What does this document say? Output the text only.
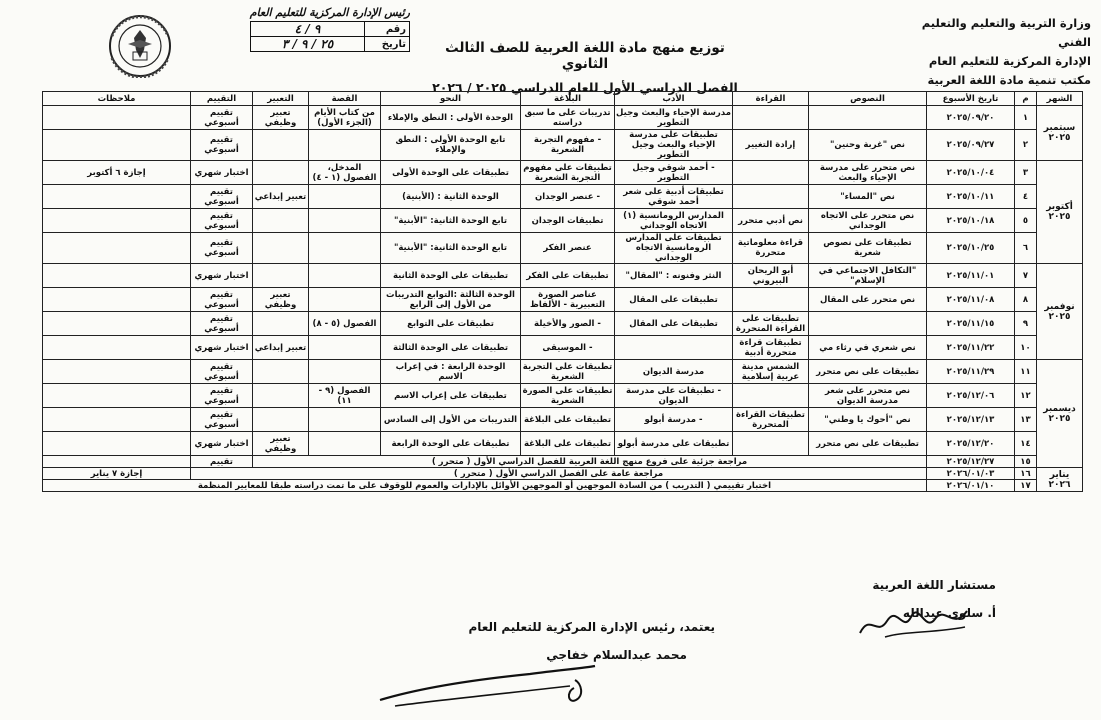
وزارة التربية والتعليم والتعليم الفني
الإدارة المركزية للتعليم العام
مكتب تنمية مادة اللغة العربية
توزيع منهج مادة اللغة العربية للصف الثالث الثانوي
الفصل الدراسي الأول للعام الدراسي ٢٠٢٥ / ٢٠٢٦
رئيس الإدارة المركزية للتعليم العام
رقم	٩ / ٤
تاريخ	٢٥ / ٩ / ٣
الشهر	م	تاريخ الأسبوع	النصوص	القراءة	الأدب	البلاغة	النحو	القصة	التعبير	التقييم	ملاحظات
سبتمبر ٢٠٢٥	١	٢٠٢٥/٠٩/٢٠			مدرسة الإحياء والبعث وجيل التطوير	تدريبات على ما سبق دراسته	الوحدة الأولى : النطق والإملاء	من كتاب الأيام (الجزء الأول)	تعبير وظيفي	تقييم أسبوعي	
	٢	٢٠٢٥/٠٩/٢٧	نص "غربة وحنين"	إرادة التغيير	تطبيقات على مدرسة الإحياء والبعث وجيل التطوير	- مفهوم التجربة الشعرية	تابع الوحدة الأولى : النطق والإملاء			تقييم أسبوعي	
أكتوبر ٢٠٢٥	٣	٢٠٢٥/١٠/٠٤	نص متحرر على مدرسة الإحياء والبعث		- أحمد شوقي وجيل التطوير	تطبيقات على مفهوم التجربة الشعرية	تطبيقات على الوحدة الأولى	المدخل، الفصول (١ - ٤)		اختبار شهري	إجازة ٦ أكتوبر
	٤	٢٠٢٥/١٠/١١	نص "المساء"		تطبيقات أدبية على شعر أحمد شوقي	- عنصر الوجدان	الوحدة الثانية : (الأبنية)		تعبير إبداعي	تقييم أسبوعي	
	٥	٢٠٢٥/١٠/١٨	نص متحرر على الاتجاه الوجداني	نص أدبي متحرر	المدارس الرومانسية (١) الاتجاه الوجداني	تطبيقات الوجدان	تابع الوحدة الثانية: "الأبنية"			تقييم أسبوعي	
	٦	٢٠٢٥/١٠/٢٥	تطبيقات على نصوص شعرية	قراءة معلوماتية متحررة	تطبيقات على المدارس الرومانسية الاتجاه الوجداني	عنصر الفكر	تابع الوحدة الثانية: "الأبنية"			تقييم أسبوعي	
نوفمبر ٢٠٢٥	٧	٢٠٢٥/١١/٠١	"التكافل الاجتماعي في الإسلام"	أبو الريحان البيروني	النثر وفنونه : "المقال"	تطبيقات على الفكر	تطبيقات على الوحدة الثانية			اختبار شهري	
	٨	٢٠٢٥/١١/٠٨	نص متحرر على المقال		تطبيقات على المقال	عناصر الصورة التعبيرية - الألفاظ	الوحدة الثالثة :التوابع التدريبات من الأول إلى الرابع		تعبير وظيفي	تقييم أسبوعي	
	٩	٢٠٢٥/١١/١٥		تطبيقات على القراءة المتحررة	تطبيقات على المقال	- الصور والأخيلة	تطبيقات على التوابع	الفصول (٥ - ٨)		تقييم أسبوعي	
	١٠	٢٠٢٥/١١/٢٢	نص شعري في رثاء مي	تطبيقات قراءة متحررة أدبية		- الموسيقى	تطبيقات على الوحدة الثالثة		تعبير إبداعي	اختبار شهري	
ديسمبر ٢٠٢٥	١١	٢٠٢٥/١١/٢٩	تطبيقات على نص متحرر	الشمس مدينة عربية إسلامية	مدرسة الديوان	تطبيقات على التجربة الشعرية	الوحدة الرابعة : في إعراب الاسم			تقييم أسبوعي	
	١٢	٢٠٢٥/١٢/٠٦	نص متحرر على شعر مدرسة الديوان		- تطبيقات على مدرسة الديوان	تطبيقات على الصورة الشعرية	تطبيقات على إعراب الاسم	الفصول (٩ - ١١)		تقييم أسبوعي	
	١٣	٢٠٢٥/١٢/١٣	نص "أحوك يا وطني"	تطبيقات القراءة المتحررة	- مدرسة أبولو	تطبيقات على البلاغة	التدريبات من الأول إلى السادس			تقييم أسبوعي	
	١٤	٢٠٢٥/١٢/٢٠	تطبيقات على نص متحرر		تطبيقات على مدرسة أبولو	تطبيقات على البلاغة	تطبيقات على الوحدة الرابعة		تعبير وظيفي	اختبار شهري	
	١٥	٢٠٢٥/١٢/٢٧	مراجعة جزئية على فروع منهج اللغة العربية للفصل الدراسي الأول ( متحرر )							تقييم	
يناير ٢٠٢٦	١٦	٢٠٢٦/٠١/٠٣	مراجعة عامة على الفصل الدراسي الأول ( متحرر )								إجازة ٧ يناير
	١٧	٢٠٢٦/٠١/١٠	اختبار تقييمي ( التدريب ) من السادة الموجهين أو الموجهين الأوائل بالإدارات والعموم للوقوف على ما تمت دراسته طبقا للمعايير المنظمة								
مستشار اللغة العربية
أ. سلوى عبدالله
يعتمد، رئيس الإدارة المركزية للتعليم العام
محمد عبدالسلام خفاجي
